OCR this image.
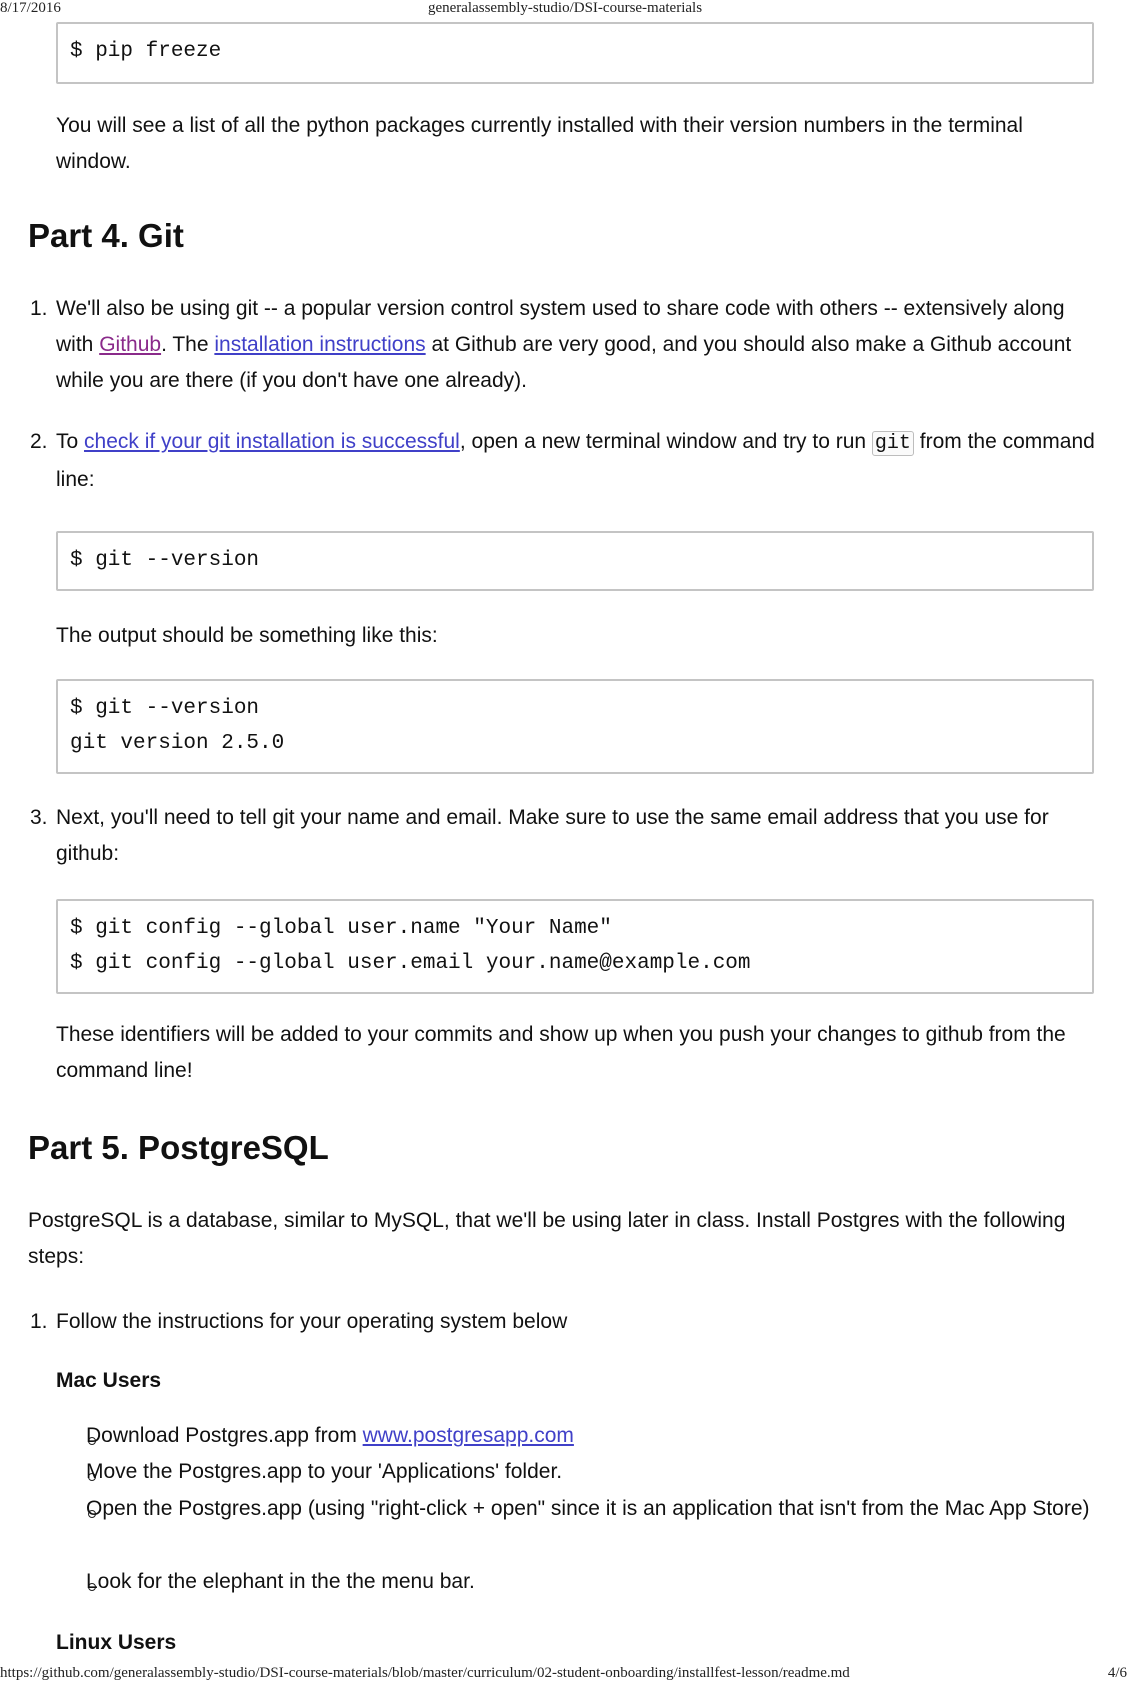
8/17/2016	generalassembly-studio/DSI-course-materials
$ pip freeze
You will see a list of all the python packages currently installed with their version numbers in the terminal window.
Part 4. Git
1. We'll also be using git -- a popular version control system used to share code with others -- extensively along with Github. The installation instructions at Github are very good, and you should also make a Github account while you are there (if you don't have one already).
2. To check if your git installation is successful, open a new terminal window and try to run git from the command line:
$ git --version
The output should be something like this:
$ git --version
git version 2.5.0
3. Next, you'll need to tell git your name and email. Make sure to use the same email address that you use for github:
$ git config --global user.name "Your Name"
$ git config --global user.email your.name@example.com
These identifiers will be added to your commits and show up when you push your changes to github from the command line!
Part 5. PostgreSQL
PostgreSQL is a database, similar to MySQL, that we'll be using later in class. Install Postgres with the following steps:
1. Follow the instructions for your operating system below
Mac Users
Download Postgres.app from www.postgresapp.com
Move the Postgres.app to your 'Applications' folder.
Open the Postgres.app (using "right-click + open" since it is an application that isn't from the Mac App Store)
Look for the elephant in the the menu bar.
Linux Users
https://github.com/generalassembly-studio/DSI-course-materials/blob/master/curriculum/02-student-onboarding/installfest-lesson/readme.md	4/6
